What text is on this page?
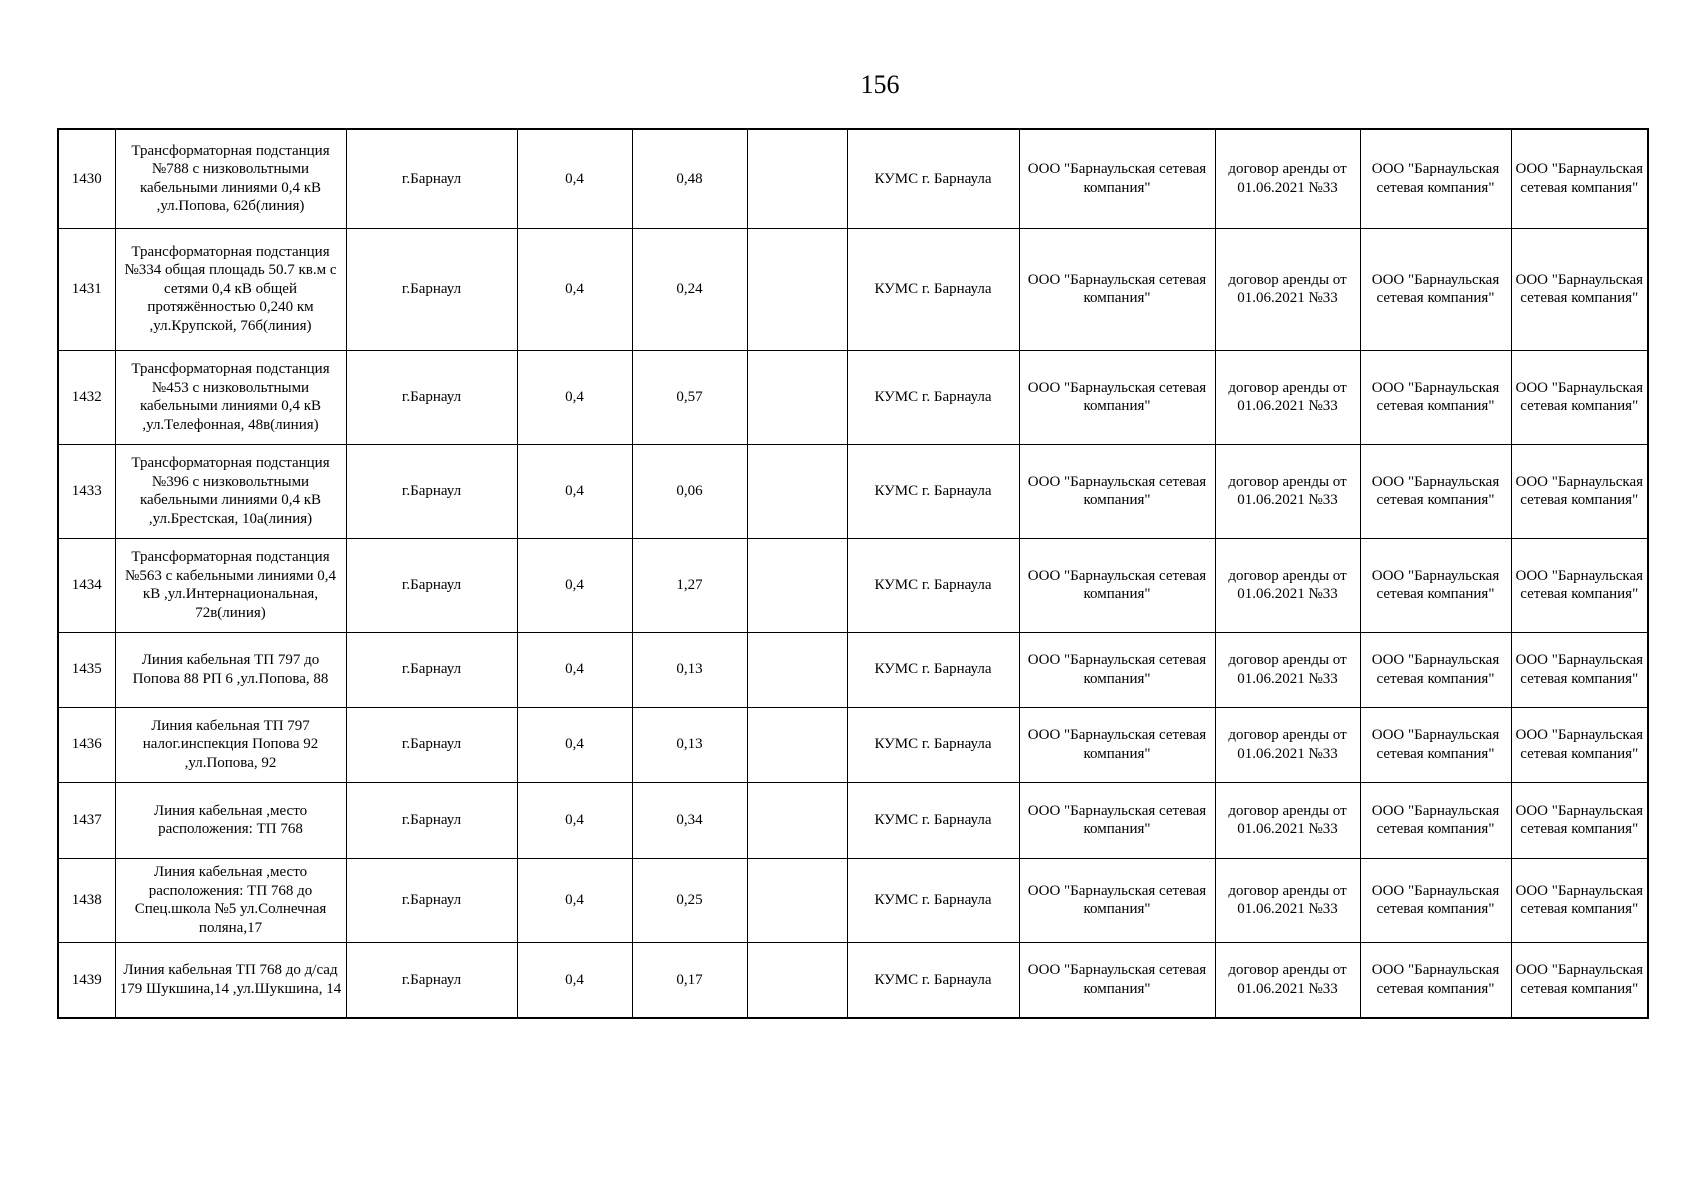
156
1430	Трансформаторная подстанция №788 с низковольтными кабельными линиями 0,4 кВ ,ул.Попова, 62б(линия)	г.Барнаул	0,4	0,48		КУМС г. Барнаула	ООО "Барнаульская сетевая компания"	договор аренды от 01.06.2021 №33	ООО "Барнаульская сетевая компания"	ООО "Барнаульская сетевая компания"
1431	Трансформаторная подстанция №334 общая площадь 50.7 кв.м с сетями 0,4 кВ общей протяжённостью 0,240 км ,ул.Крупской, 76б(линия)	г.Барнаул	0,4	0,24		КУМС г. Барнаула	ООО "Барнаульская сетевая компания"	договор аренды от 01.06.2021 №33	ООО "Барнаульская сетевая компания"	ООО "Барнаульская сетевая компания"
1432	Трансформаторная подстанция №453 с низковольтными кабельными линиями 0,4 кВ ,ул.Телефонная, 48в(линия)	г.Барнаул	0,4	0,57		КУМС г. Барнаула	ООО "Барнаульская сетевая компания"	договор аренды от 01.06.2021 №33	ООО "Барнаульская сетевая компания"	ООО "Барнаульская сетевая компания"
1433	Трансформаторная подстанция №396 с низковольтными кабельными линиями 0,4 кВ ,ул.Брестская, 10а(линия)	г.Барнаул	0,4	0,06		КУМС г. Барнаула	ООО "Барнаульская сетевая компания"	договор аренды от 01.06.2021 №33	ООО "Барнаульская сетевая компания"	ООО "Барнаульская сетевая компания"
1434	Трансформаторная подстанция №563 с кабельными линиями 0,4 кВ ,ул.Интернациональная, 72в(линия)	г.Барнаул	0,4	1,27		КУМС г. Барнаула	ООО "Барнаульская сетевая компания"	договор аренды от 01.06.2021 №33	ООО "Барнаульская сетевая компания"	ООО "Барнаульская сетевая компания"
1435	Линия кабельная ТП 797 до Попова 88 РП 6 ,ул.Попова, 88	г.Барнаул	0,4	0,13		КУМС г. Барнаула	ООО "Барнаульская сетевая компания"	договор аренды от 01.06.2021 №33	ООО "Барнаульская сетевая компания"	ООО "Барнаульская сетевая компания"
1436	Линия кабельная ТП 797 налог.инспекция Попова 92 ,ул.Попова, 92	г.Барнаул	0,4	0,13		КУМС г. Барнаула	ООО "Барнаульская сетевая компания"	договор аренды от 01.06.2021 №33	ООО "Барнаульская сетевая компания"	ООО "Барнаульская сетевая компания"
1437	Линия кабельная ,место расположения: ТП 768	г.Барнаул	0,4	0,34		КУМС г. Барнаула	ООО "Барнаульская сетевая компания"	договор аренды от 01.06.2021 №33	ООО "Барнаульская сетевая компания"	ООО "Барнаульская сетевая компания"
1438	Линия кабельная ,место расположения: ТП 768 до Спец.школа №5 ул.Солнечная поляна,17	г.Барнаул	0,4	0,25		КУМС г. Барнаула	ООО "Барнаульская сетевая компания"	договор аренды от 01.06.2021 №33	ООО "Барнаульская сетевая компания"	ООО "Барнаульская сетевая компания"
1439	Линия кабельная ТП 768 до д/сад 179 Шукшина,14 ,ул.Шукшина, 14	г.Барнаул	0,4	0,17		КУМС г. Барнаула	ООО "Барнаульская сетевая компания"	договор аренды от 01.06.2021 №33	ООО "Барнаульская сетевая компания"	ООО "Барнаульская сетевая компания"
